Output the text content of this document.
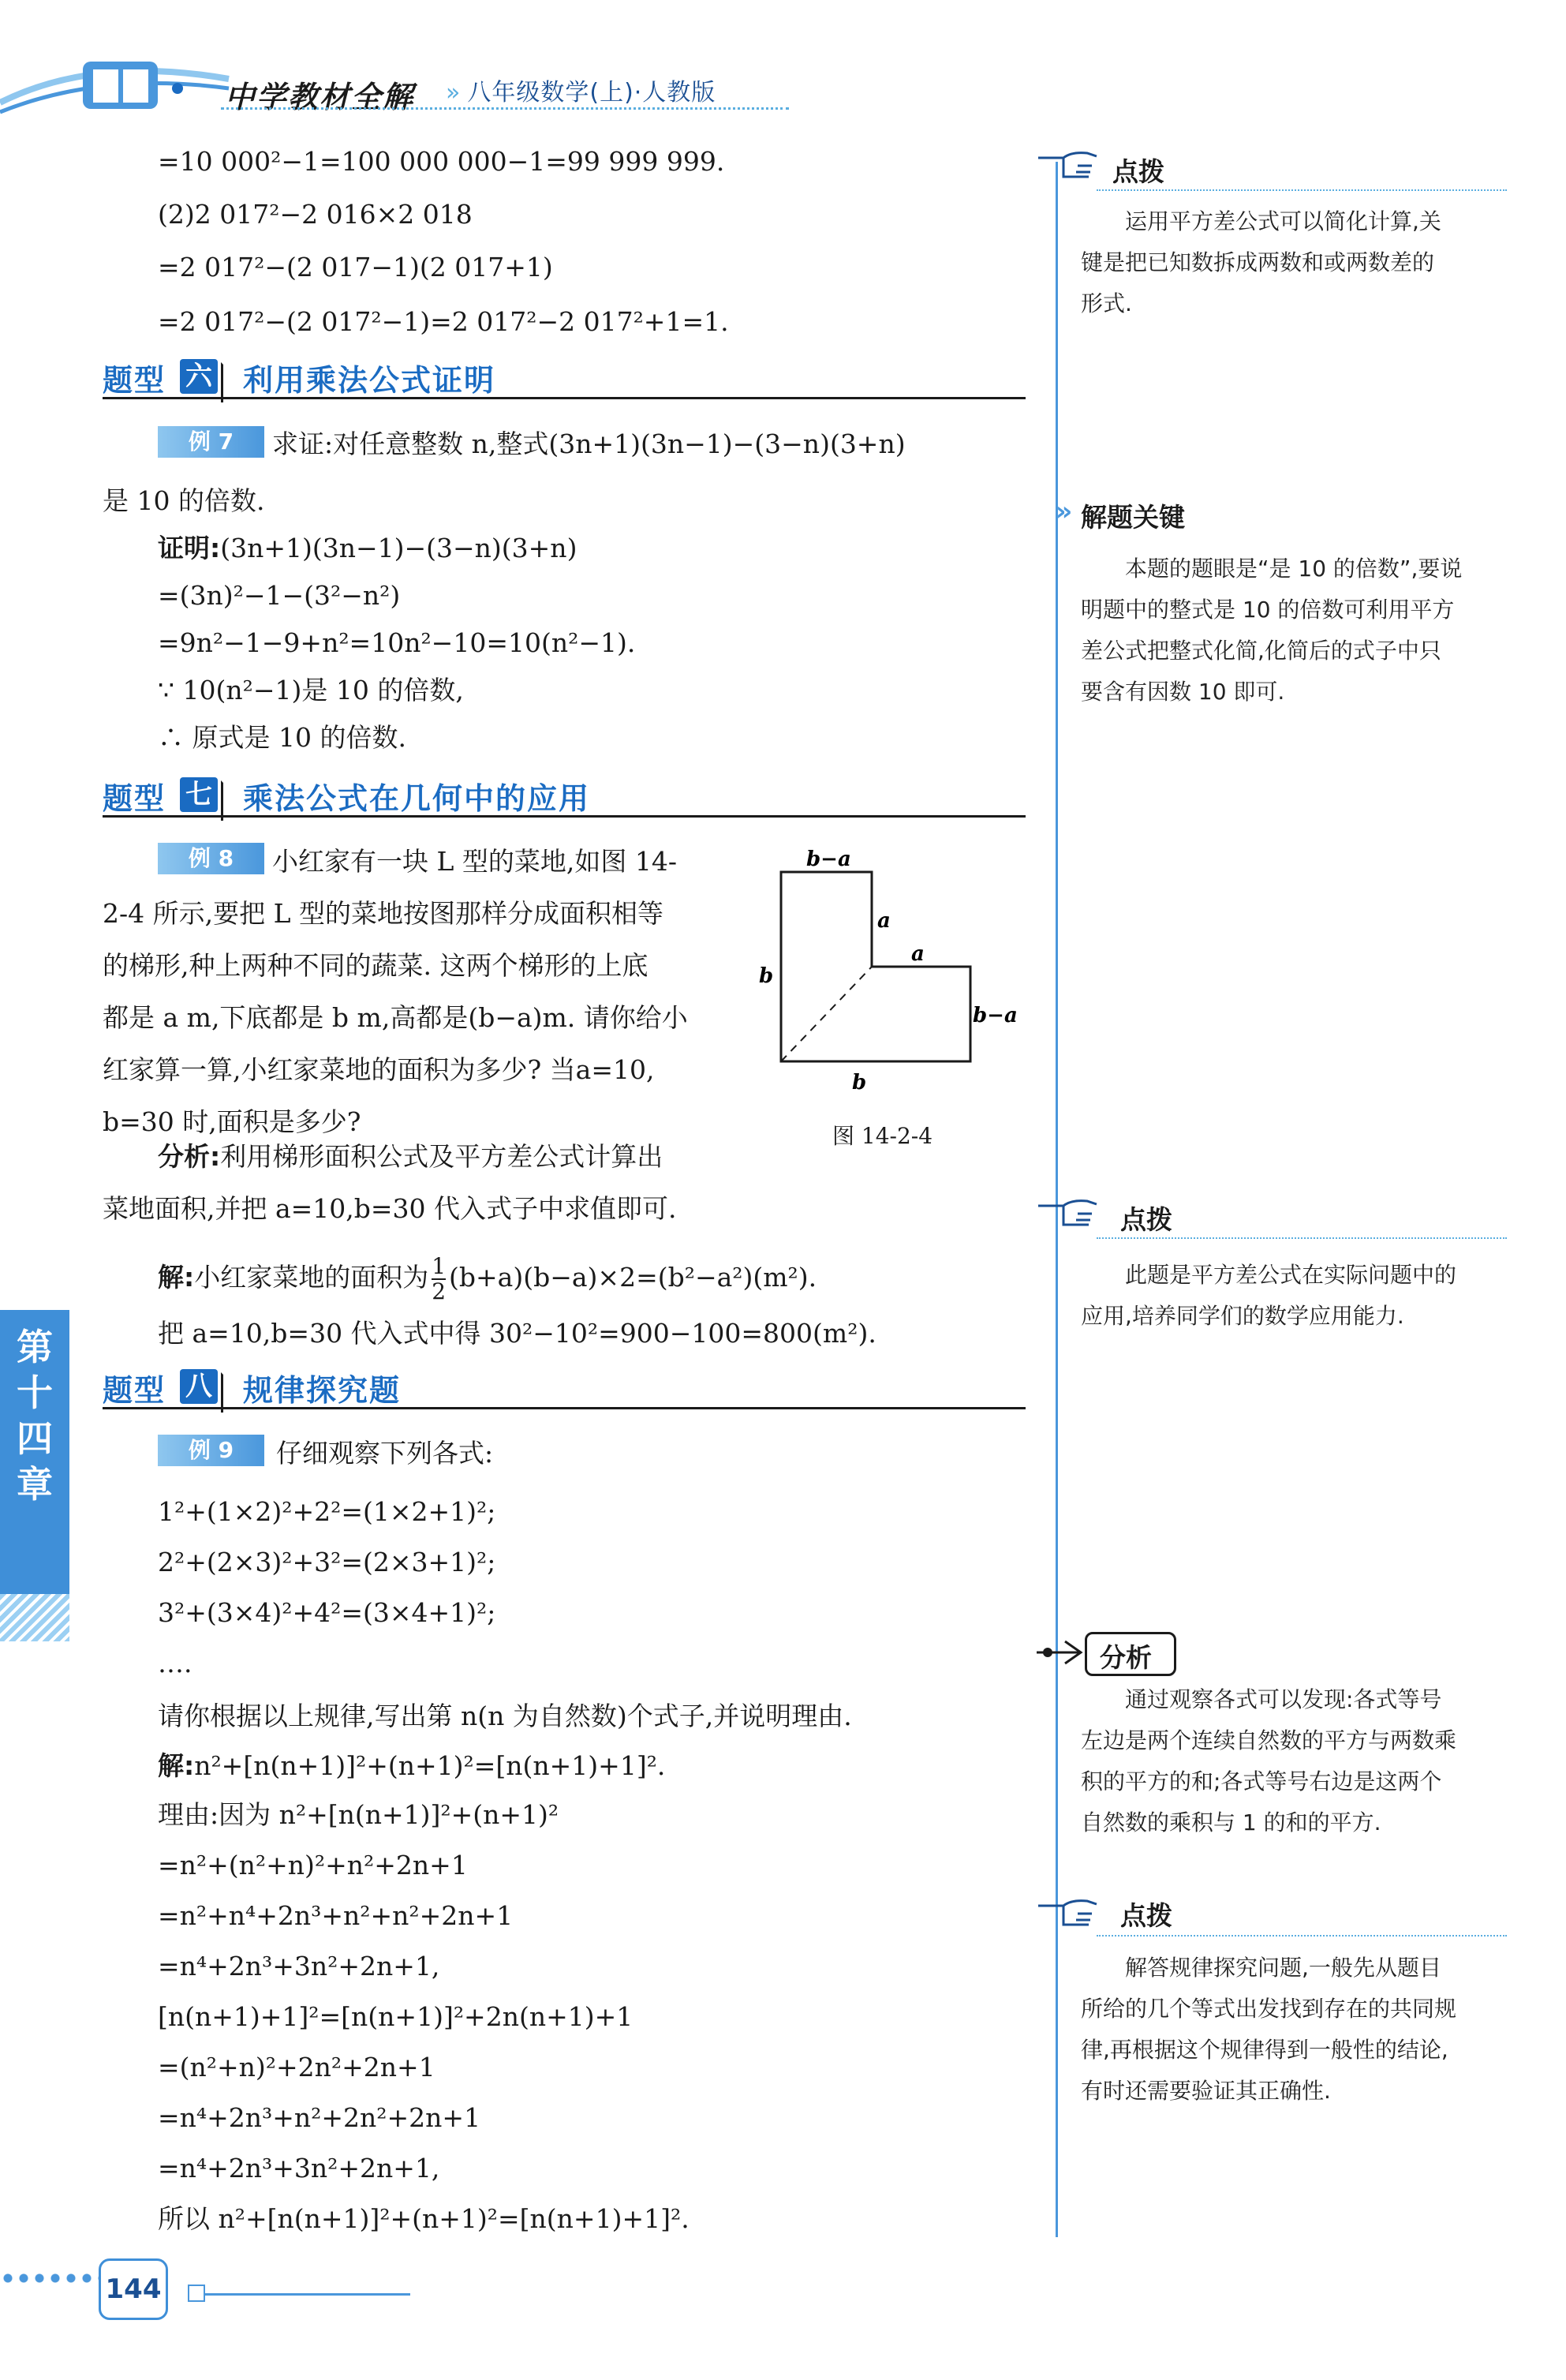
中学教材全解 » 八年级数学(上)·人教版
=10 000²−1=100 000 000−1=99 999 999.
(2)2 017²−2 016×2 018
=2 017²−(2 017−1)(2 017+1)
=2 017²−(2 017²−1)=2 017²−2 017²+1=1.
题型 六 利用乘法公式证明
例 7	求证:对任意整数 n,整式(3n+1)(3n−1)−(3−n)(3+n)
是 10 的倍数.
证明:(3n+1)(3n−1)−(3−n)(3+n)
=(3n)²−1−(3²−n²)
=9n²−1−9+n²=10n²−10=10(n²−1).
∵ 10(n²−1)是 10 的倍数,
∴ 原式是 10 的倍数.
题型 七 乘法公式在几何中的应用
例 8	小红家有一块 L 型的菜地,如图 14-
2-4 所示,要把 L 型的菜地按图那样分成面积相等
的梯形,种上两种不同的蔬菜. 这两个梯形的上底
都是 a m,下底都是 b m,高都是(b−a)m. 请你给小
红家算一算,小红家菜地的面积为多少? 当a=10,
b=30 时,面积是多少?
b−a
a
a
b
b−a
b
图 14-2-4
分析:利用梯形面积公式及平方差公式计算出
菜地面积,并把 a=10,b=30 代入式子中求值即可.
解:小红家菜地的面积为 $\frac{1}{2} (b+a)(b-a)\times 2=(b^2-a^2)(m^2)$.
把 a=10,b=30 代入式中得 30²−10²=900−100=800(m²).
题型 八 规律探究题
例 9	仔细观察下列各式:
1²+(1×2)²+2²=(1×2+1)²;
2²+(2×3)²+3²=(2×3+1)²;
3²+(3×4)²+4²=(3×4+1)²;
….
请你根据以上规律,写出第 n(n 为自然数)个式子,并说明理由.
解:n²+[n(n+1)]²+(n+1)²=[n(n+1)+1]².
理由:因为 n²+[n(n+1)]²+(n+1)²
=n²+(n²+n)²+n²+2n+1
=n²+n⁴+2n³+n²+n²+2n+1
=n⁴+2n³+3n²+2n+1,
[n(n+1)+1]²=[n(n+1)]²+2n(n+1)+1
=(n²+n)²+2n²+2n+1
=n⁴+2n³+n²+2n²+2n+1
=n⁴+2n³+3n²+2n+1,
所以 n²+[n(n+1)]²+(n+1)²=[n(n+1)+1]².
点拨
运用平方差公式可以简化计算,关
键是把已知数拆成两数和或两数差的
形式.
» 解题关键
本题的题眼是“是 10 的倍数”,要说
明题中的整式是 10 的倍数可利用平方
差公式把整式化简,化简后的式子中只
要含有因数 10 即可.
点拨
此题是平方差公式在实际问题中的
应用,培养同学们的数学应用能力.
分析
通过观察各式可以发现:各式等号
左边是两个连续自然数的平方与两数乘
积的平方的和;各式等号右边是这两个
自然数的乘积与 1 的和的平方.
点拨
解答规律探究问题,一般先从题目
所给的几个等式出发找到存在的共同规
律,再根据这个规律得到一般性的结论,
有时还需要验证其正确性.
第
十
四
章
144
